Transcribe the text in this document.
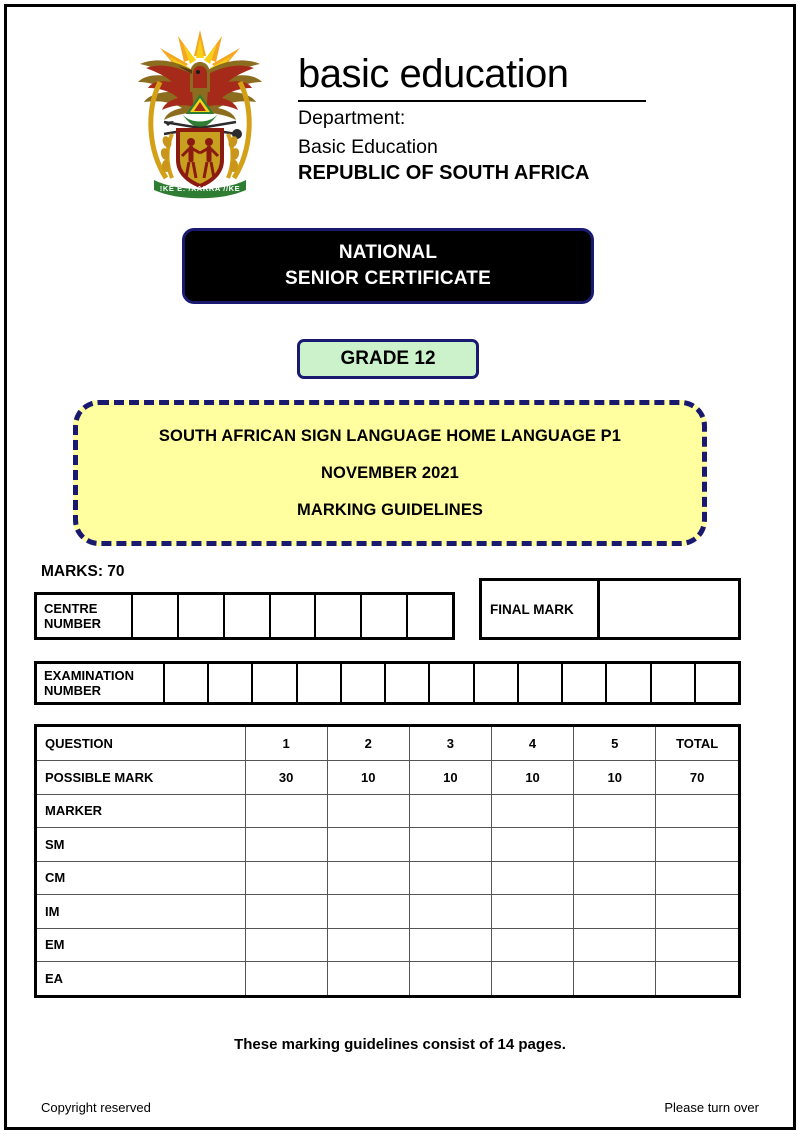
!KE E: /XARRA //KE
basic education
Department:
Basic Education
REPUBLIC OF SOUTH AFRICA
NATIONAL
SENIOR CERTIFICATE
GRADE 12
SOUTH AFRICAN SIGN LANGUAGE HOME LANGUAGE P1
NOVEMBER 2021
MARKING GUIDELINES
MARKS: 70
CENTRE
NUMBER
FINAL MARK
EXAMINATION
NUMBER
QUESTION	1	2	3	4	5	TOTAL
POSSIBLE MARK	30	10	10	10	10	70
MARKER						
SM						
CM						
IM						
EM						
EA						
These marking guidelines consist of 14 pages.
Copyright reserved	Please turn over
